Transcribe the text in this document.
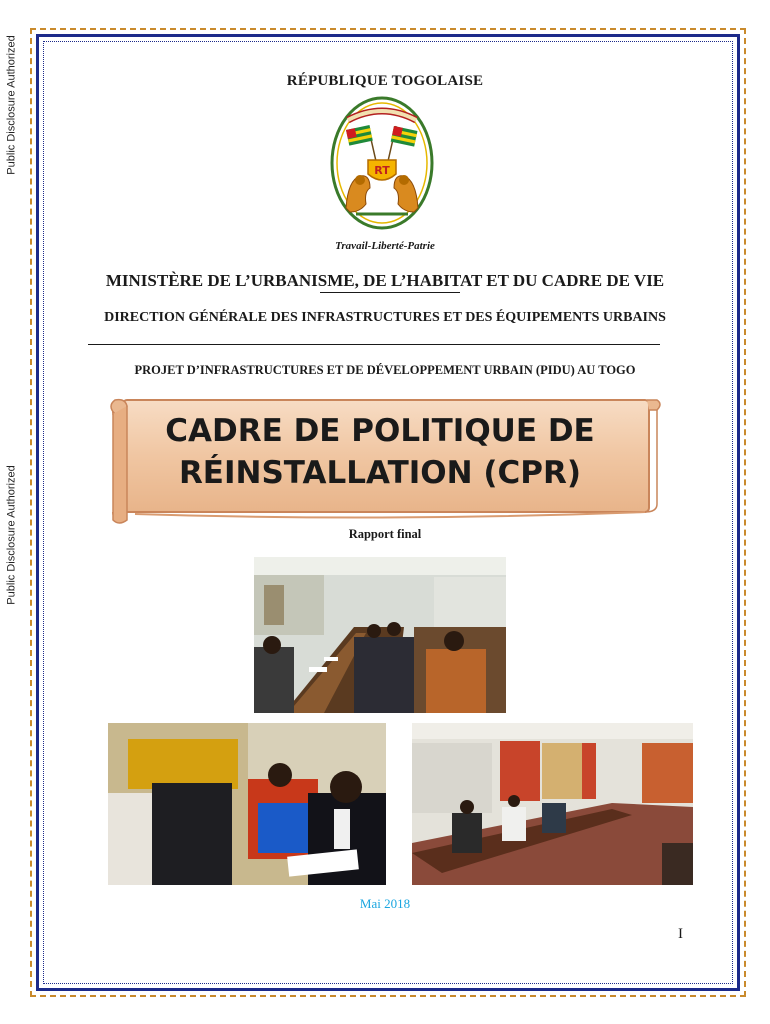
Public Disclosure Authorized
Public Disclosure Authorized
RÉPUBLIQUE TOGOLAISE
RT
Travail-Liberté-Patrie
MINISTÈRE DE L’URBANISME, DE L’HABITAT ET DU CADRE DE VIE
DIRECTION GÉNÉRALE DES INFRASTRUCTURES ET DES ÉQUIPEMENTS URBAINS
PROJET D’INFRASTRUCTURES ET DE DÉVELOPPEMENT URBAIN (PIDU) AU TOGO
CADRE DE POLITIQUE DE
RÉINSTALLATION (CPR)
Rapport final
Mai 2018
I
